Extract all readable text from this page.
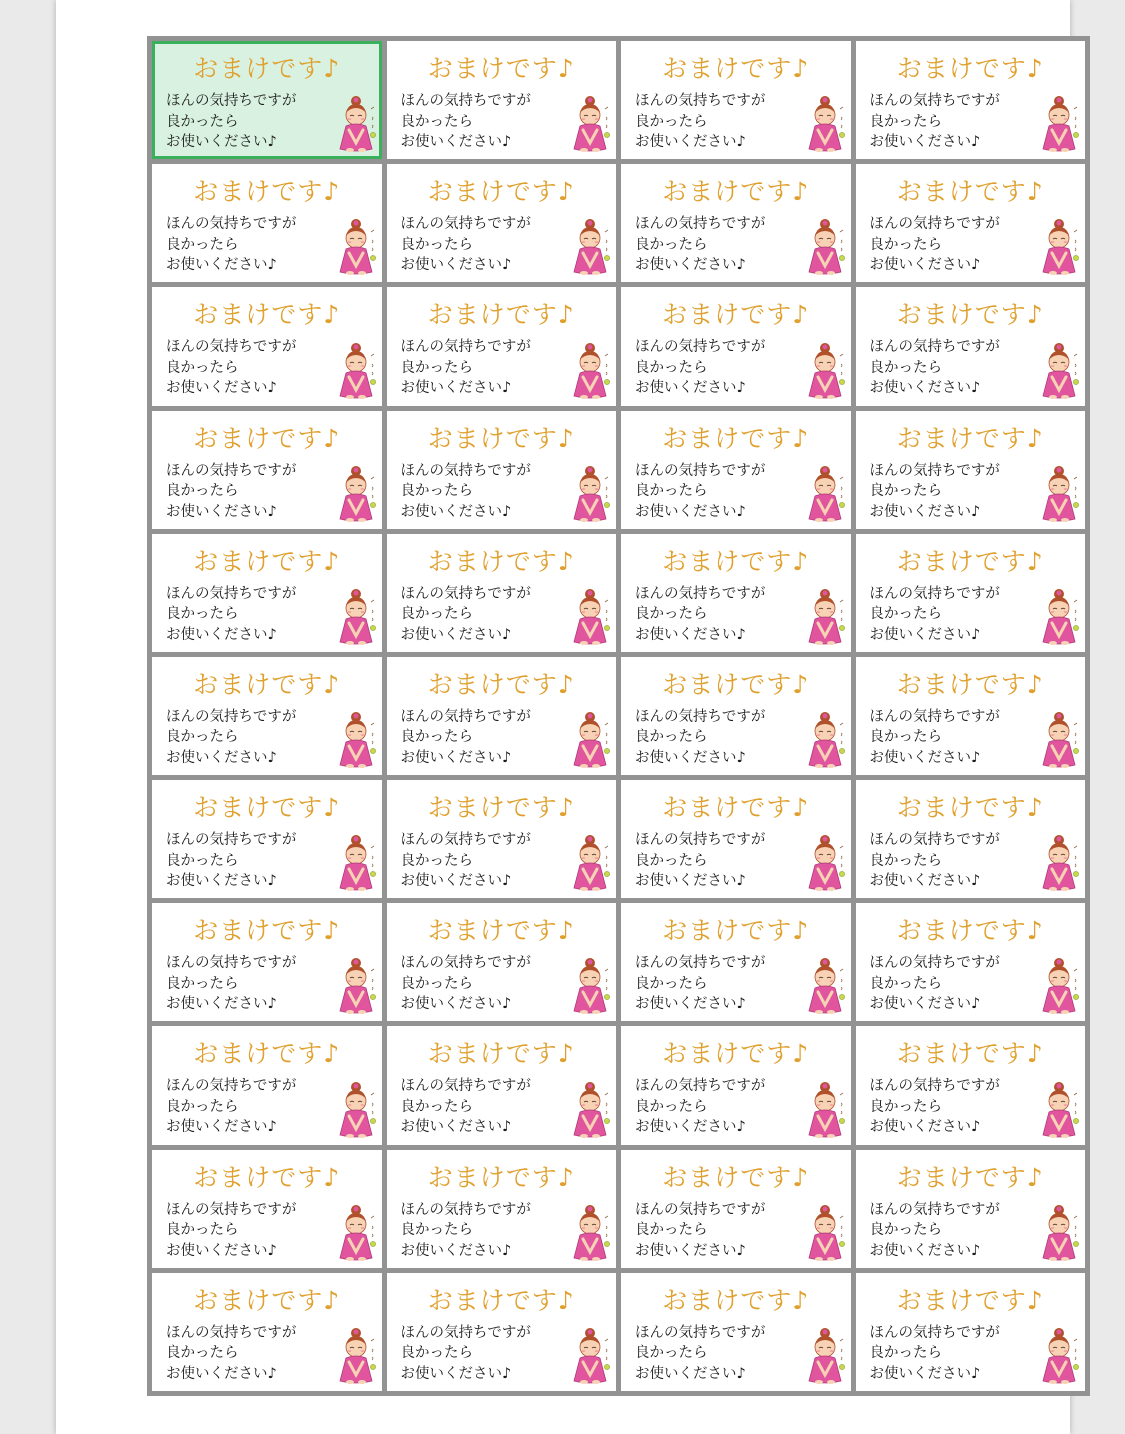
おまけです♪
ほんの気持ちですが
良かったら
お使いください♪
おまけです♪
ほんの気持ちですが
良かったら
お使いください♪
おまけです♪
ほんの気持ちですが
良かったら
お使いください♪
おまけです♪
ほんの気持ちですが
良かったら
お使いください♪
おまけです♪
ほんの気持ちですが
良かったら
お使いください♪
おまけです♪
ほんの気持ちですが
良かったら
お使いください♪
おまけです♪
ほんの気持ちですが
良かったら
お使いください♪
おまけです♪
ほんの気持ちですが
良かったら
お使いください♪
おまけです♪
ほんの気持ちですが
良かったら
お使いください♪
おまけです♪
ほんの気持ちですが
良かったら
お使いください♪
おまけです♪
ほんの気持ちですが
良かったら
お使いください♪
おまけです♪
ほんの気持ちですが
良かったら
お使いください♪
おまけです♪
ほんの気持ちですが
良かったら
お使いください♪
おまけです♪
ほんの気持ちですが
良かったら
お使いください♪
おまけです♪
ほんの気持ちですが
良かったら
お使いください♪
おまけです♪
ほんの気持ちですが
良かったら
お使いください♪
おまけです♪
ほんの気持ちですが
良かったら
お使いください♪
おまけです♪
ほんの気持ちですが
良かったら
お使いください♪
おまけです♪
ほんの気持ちですが
良かったら
お使いください♪
おまけです♪
ほんの気持ちですが
良かったら
お使いください♪
おまけです♪
ほんの気持ちですが
良かったら
お使いください♪
おまけです♪
ほんの気持ちですが
良かったら
お使いください♪
おまけです♪
ほんの気持ちですが
良かったら
お使いください♪
おまけです♪
ほんの気持ちですが
良かったら
お使いください♪
おまけです♪
ほんの気持ちですが
良かったら
お使いください♪
おまけです♪
ほんの気持ちですが
良かったら
お使いください♪
おまけです♪
ほんの気持ちですが
良かったら
お使いください♪
おまけです♪
ほんの気持ちですが
良かったら
お使いください♪
おまけです♪
ほんの気持ちですが
良かったら
お使いください♪
おまけです♪
ほんの気持ちですが
良かったら
お使いください♪
おまけです♪
ほんの気持ちですが
良かったら
お使いください♪
おまけです♪
ほんの気持ちですが
良かったら
お使いください♪
おまけです♪
ほんの気持ちですが
良かったら
お使いください♪
おまけです♪
ほんの気持ちですが
良かったら
お使いください♪
おまけです♪
ほんの気持ちですが
良かったら
お使いください♪
おまけです♪
ほんの気持ちですが
良かったら
お使いください♪
おまけです♪
ほんの気持ちですが
良かったら
お使いください♪
おまけです♪
ほんの気持ちですが
良かったら
お使いください♪
おまけです♪
ほんの気持ちですが
良かったら
お使いください♪
おまけです♪
ほんの気持ちですが
良かったら
お使いください♪
おまけです♪
ほんの気持ちですが
良かったら
お使いください♪
おまけです♪
ほんの気持ちですが
良かったら
お使いください♪
おまけです♪
ほんの気持ちですが
良かったら
お使いください♪
おまけです♪
ほんの気持ちですが
良かったら
お使いください♪
